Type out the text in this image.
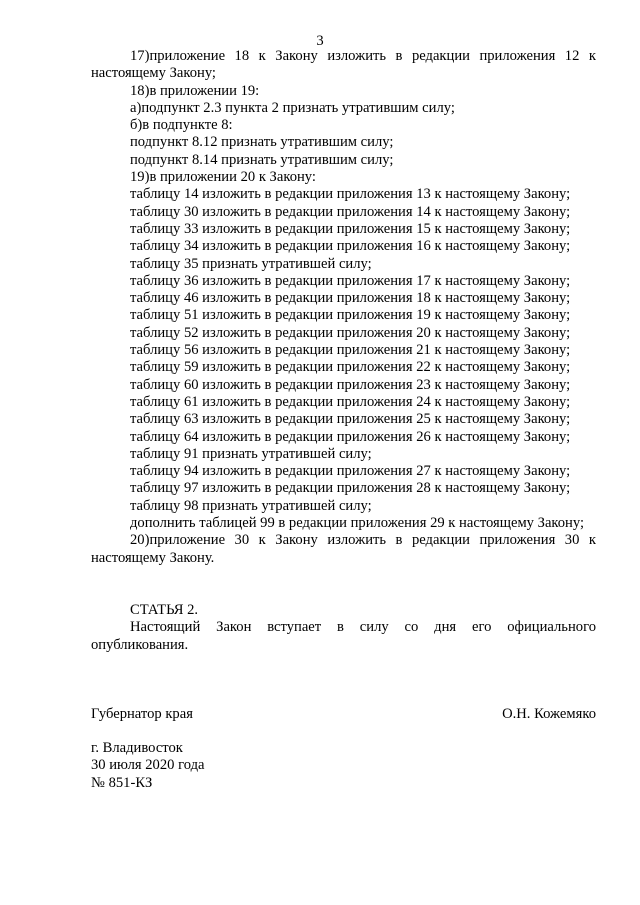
3
17)приложение 18 к Закону изложить в редакции приложения 12 к настоящему Закону;
18)в приложении 19:
а)подпункт 2.3 пункта 2 признать утратившим силу;
б)в подпункте 8:
подпункт 8.12 признать утратившим силу;
подпункт 8.14 признать утратившим силу;
19)в приложении 20 к Закону:
таблицу 14 изложить в редакции приложения 13 к настоящему Закону;
таблицу 30 изложить в редакции приложения 14 к настоящему Закону;
таблицу 33 изложить в редакции приложения 15 к настоящему Закону;
таблицу 34 изложить в редакции приложения 16 к настоящему Закону;
таблицу 35 признать утратившей силу;
таблицу 36 изложить в редакции приложения 17 к настоящему Закону;
таблицу 46 изложить в редакции приложения 18 к настоящему Закону;
таблицу 51 изложить в редакции приложения 19 к настоящему Закону;
таблицу 52 изложить в редакции приложения 20 к настоящему Закону;
таблицу 56 изложить в редакции приложения 21 к настоящему Закону;
таблицу 59 изложить в редакции приложения 22 к настоящему Закону;
таблицу 60 изложить в редакции приложения 23 к настоящему Закону;
таблицу 61 изложить в редакции приложения 24 к настоящему Закону;
таблицу 63 изложить в редакции приложения 25 к настоящему Закону;
таблицу 64 изложить в редакции приложения 26 к настоящему Закону;
таблицу 91 признать утратившей силу;
таблицу 94 изложить в редакции приложения 27 к настоящему Закону;
таблицу 97 изложить в редакции приложения 28 к настоящему Закону;
таблицу 98 признать утратившей силу;
дополнить таблицей 99 в редакции приложения 29 к настоящему Закону;
20)приложение 30 к Закону изложить в редакции приложения 30 к настоящему Закону.
СТАТЬЯ 2.
Настоящий Закон вступает в силу со дня его официального опубликования.
Губернатор края	О.Н. Кожемяко
г. Владивосток
30 июля 2020 года
№ 851-КЗ
